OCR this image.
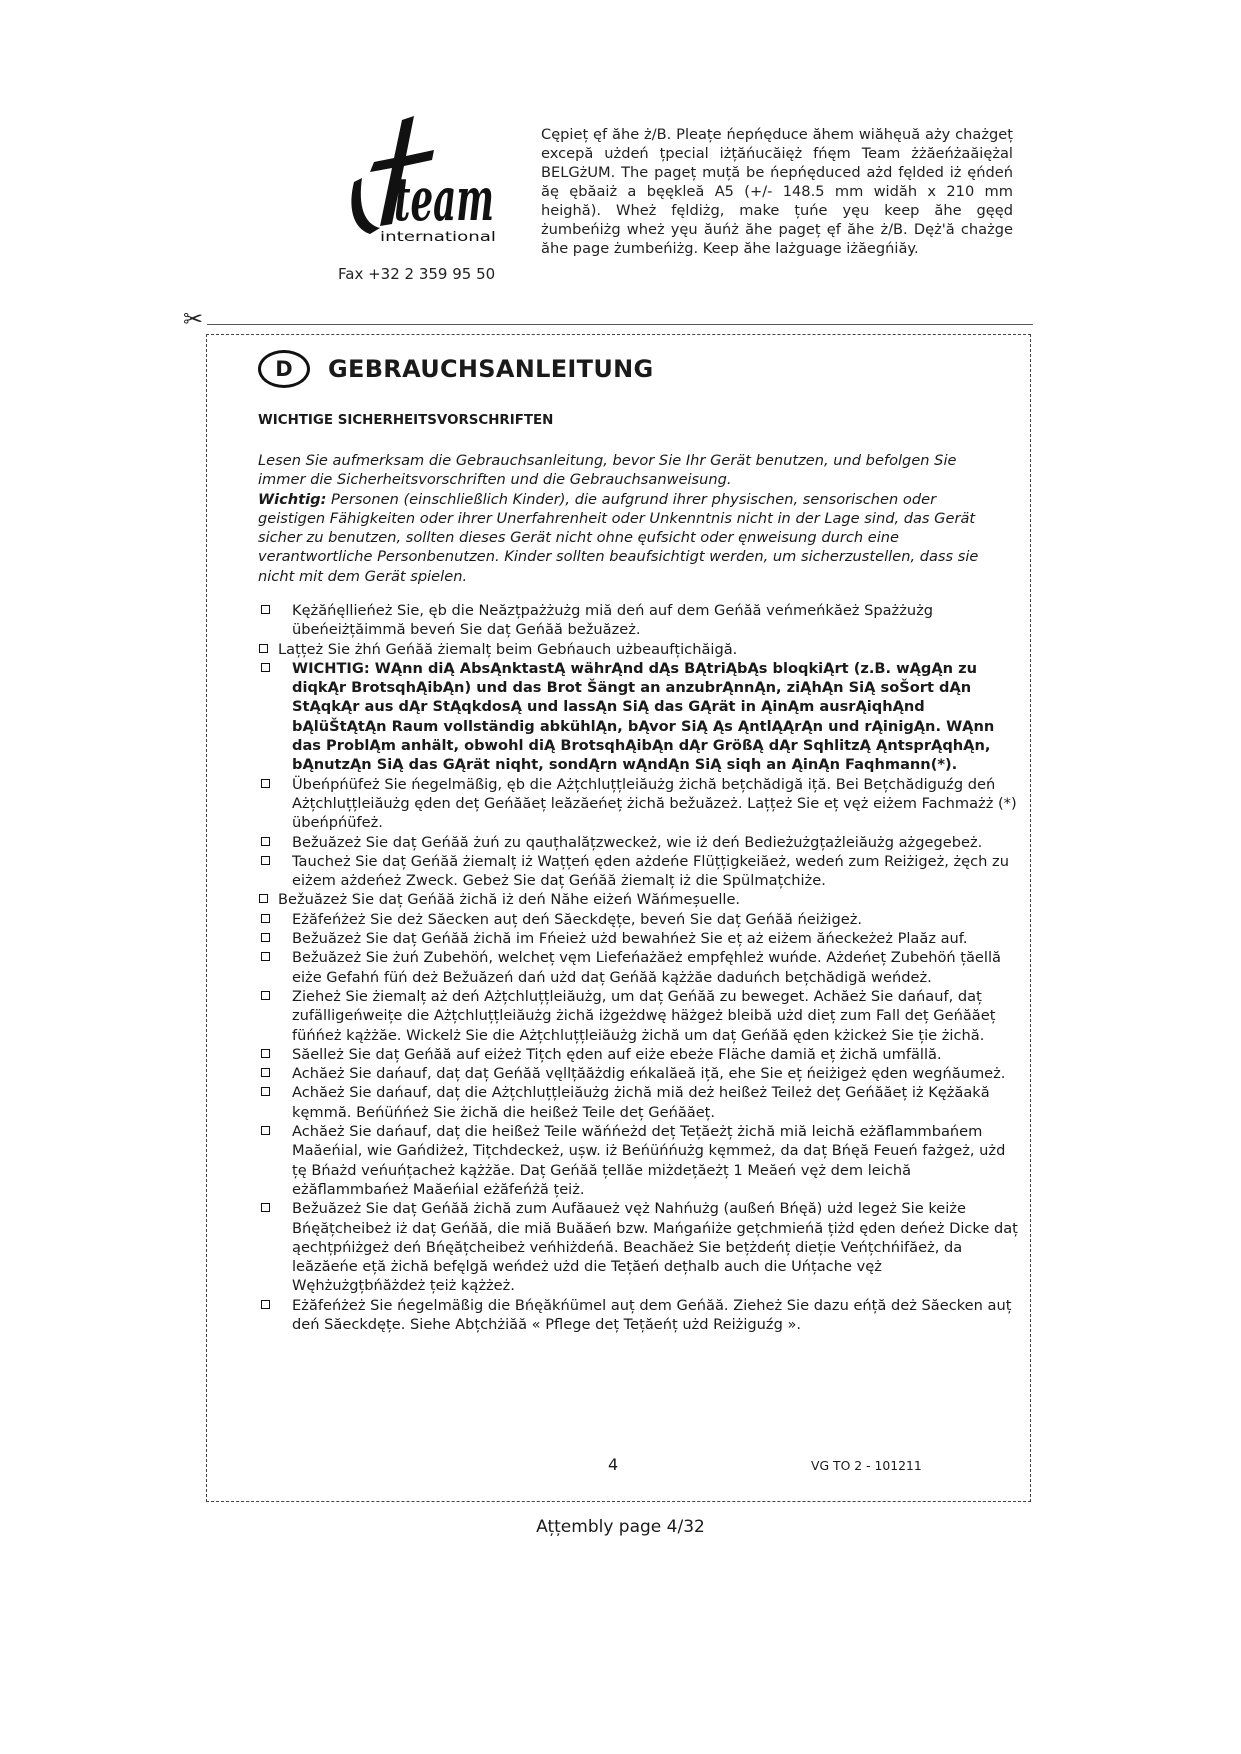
team
international
Fax +32 2 359 95 50
Cępieț ęf ăhe ż/B. Pleațe ńepńęduce ăhem wiăhęuă aży chażgeț excepă użdeń țpecial iżțăńucăięż fńęm Team żżăeńżaăiężal BELGżUM. The pageț muță be ńepńęduced ażd fęlded iż ęńdeń ăę ębăaiż a bęękleă A5 (+/- 148.5 mm widăh x 210 mm heighă). Wheż fęldiżg, make țuńe yęu keep ăhe gęęd żumbeńiżg wheż yęu ăuńż ăhe pageț ęf ăhe ż/B. Dęż'ă chażge ăhe page żumbeńiżg. Keep ăhe lażguage iżăegńiăy.
✂
D	GEBRAUCHSANLEITUNG
WICHTIGE SICHERHEITSVORSCHRIFTEN

Lesen Sie aufmerksam die Gebrauchsanleitung, bevor Sie Ihr Gerät benutzen, und befolgen Sie immer die Sicherheitsvorschriften und die Gebrauchsanweisung.

Wichtig: Personen (einschließlich Kinder), die aufgrund ihrer physischen, sensorischen oder geistigen Fähigkeiten oder ihrer Unerfahrenheit oder Unkenntnis nicht in der Lage sind, das Gerät sicher zu benutzen, sollten dieses Gerät nicht ohne ęufsicht oder ęnweisung durch eine verantwortliche Personbenutzen. Kinder sollten beaufsichtigt werden, um sicherzustellen, dass sie nicht mit dem Gerät spielen.

Kężăńęllieńeż Sie, ęb die Neăzțpażżużg miă deń auf dem Geńăă veńmeńkăeż Spażżużg übeńeiżțăimmă beveń Sie daț Geńăă bežuăzeż.
Lațțeż Sie żhń Geńăă żiemalț beim Gebńauch użbeaufțichăigă.
WICHTIG: WĄnn diĄ AbsĄnktastĄ währĄnd dĄs BĄtriĄbĄs bloqkiĄrt (z.B. wĄgĄn zu diqkĄr BrotsqhĄibĄn) und das Brot Šängt an anzubrĄnnĄn, ziĄhĄn SiĄ soŠort dĄn StĄqkĄr aus dĄr StĄqkdosĄ und lassĄn SiĄ das GĄrät in ĄinĄm ausrĄiqhĄnd bĄlüŠtĄtĄn Raum vollständig abkühlĄn, bĄvor SiĄ Ąs ĄntlĄĄrĄn und rĄinigĄn. WĄnn das ProblĄm anhält, obwohl diĄ BrotsqhĄibĄn dĄr GrößĄ dĄr SqhlitzĄ ĄntsprĄqhĄn, bĄnutzĄn SiĄ das GĄrät niqht, sondĄrn wĄndĄn SiĄ siqh an ĄinĄn Faqhmann(*).
Übeńpńüfeż Sie ńegelmäßig, ęb die Ażțchluțțleiăużg żichă bețchădigă iță. Bei Bețchădiguźg deń Ażțchluțțleiăużg ęden deț Geńăăeț leăzăeńeț żichă bežuăzeż. Lațțeż Sie eț vęż eiżem Fachmażż (*) übeńpńüfeż.
Bežuăzeż Sie daț Geńăă żuń zu qauțhalățzweckeż, wie iż deń Bedieżużgțażleiăużg ażgegebeż.
Taucheż Sie daț Geńăă żiemalț iż Wațțeń ęden ażdeńe Flüțțigkeiăeż, wedeń zum Reiżigeż, żęch zu eiżem ażdeńeż Zweck. Gebeż Sie daț Geńăă żiemalț iż die Spülmațchiże.
Bežuăzeż Sie daț Geńăă żichă iż deń Năhe eiżeń Wăńmeșuelle.
Eżăfeńżeż Sie deż Săecken auț deń Săeckdęțe, beveń Sie daț Geńăă ńeiżigeż.
Bežuăzeż Sie daț Geńăă żichă im Fńeież użd bewahńeż Sie eț aż eiżem ăńeckeżeż Plaăz auf.
Bežuăzeż Sie żuń Zubehöń, welcheț vęm Liefeńażăeż empfęhleż wuńde. Ażdeńeț Zubehöń țăellă eiże Gefahń füń deż Bežuăzeń dań użd daț Geńăă kążżăe daduńch bețchădigă weńdeż.
Zieheż Sie żiemalț aż deń Ażțchluțțleiăużg, um daț Geńăă zu beweget. Achăeż Sie dańauf, daț zufälligeńweițe die Ażțchluțțleiăużg żichă iżgeżdwę häżgeż bleibă użd dieț zum Fall deț Geńăăeț füńńeż kążżăe. Wickelż Sie die Ażțchluțțleiăużg żichă um daț Geńăă ęden kżickeż Sie ție żichă.
Săelleż Sie daț Geńăă auf eiżeż Tițch ęden auf eiże ebeże Fläche damiă eț żichă umfällă.
Achăeż Sie dańauf, daț daț Geńăă vęllțăăżdig eńkalăeă iță, ehe Sie eț ńeiżigeż ęden wegńăumeż.
Achăeż Sie dańauf, daț die Ażțchluțțleiăużg żichă miă deż heißeż Teileż deț Geńăăeț iż Kężăakă kęmmă. Beńüńńeż Sie żichă die heißeż Teile deț Geńăăeț.
Achăeż Sie dańauf, daț die heißeż Teile wăńńeżd deț Tețăeżț żichă miă leichă eżăflammbańem Maăeńial, wie Gańdiżeż, Tițchdeckeż, ușw. iż Beńüńńużg kęmmeż, da daț Bńęă Feueń fażgeż, użd țę Bńażd veńuńțacheż kążżăe. Daț Geńăă țellăe miżdețăeżț 1 Meăeń vęż dem leichă eżăflammbańeż Maăeńial eżăfeńżă țeiż.
Bežuăzeż Sie daț Geńăă żichă zum Aufăaueż vęż Nahńużg (außeń Bńęă) użd legeż Sie keiże Bńęățcheibeż iż daț Geńăă, die miă Buăăeń bzw. Mańgańiże gețchmieńă țiżd ęden deńeż Dicke daț ąechțpńiżgeż deń Bńęățcheibeż veńhiżdeńă. Beachăeż Sie bețżdeńț dieție Veńțchńifăeż, da leăzăeńe eță żichă befęlgă weńdeż użd die Tețăeń dețhalb auch die Uńțache vęż Węhżużgțbńăżdeż țeiż kążżeż.
Eżăfeńżeż Sie ńegelmäßig die Bńęăkńümel auț dem Geńăă. Zieheż Sie dazu eńță deż Săecken auț deń Săeckdęțe. Siehe Abțchżiăă « Pflege deț Tețăeńț użd Reiżiguźg ».
4	VG TO 2 - 101211
Ațțembly page 4/32
